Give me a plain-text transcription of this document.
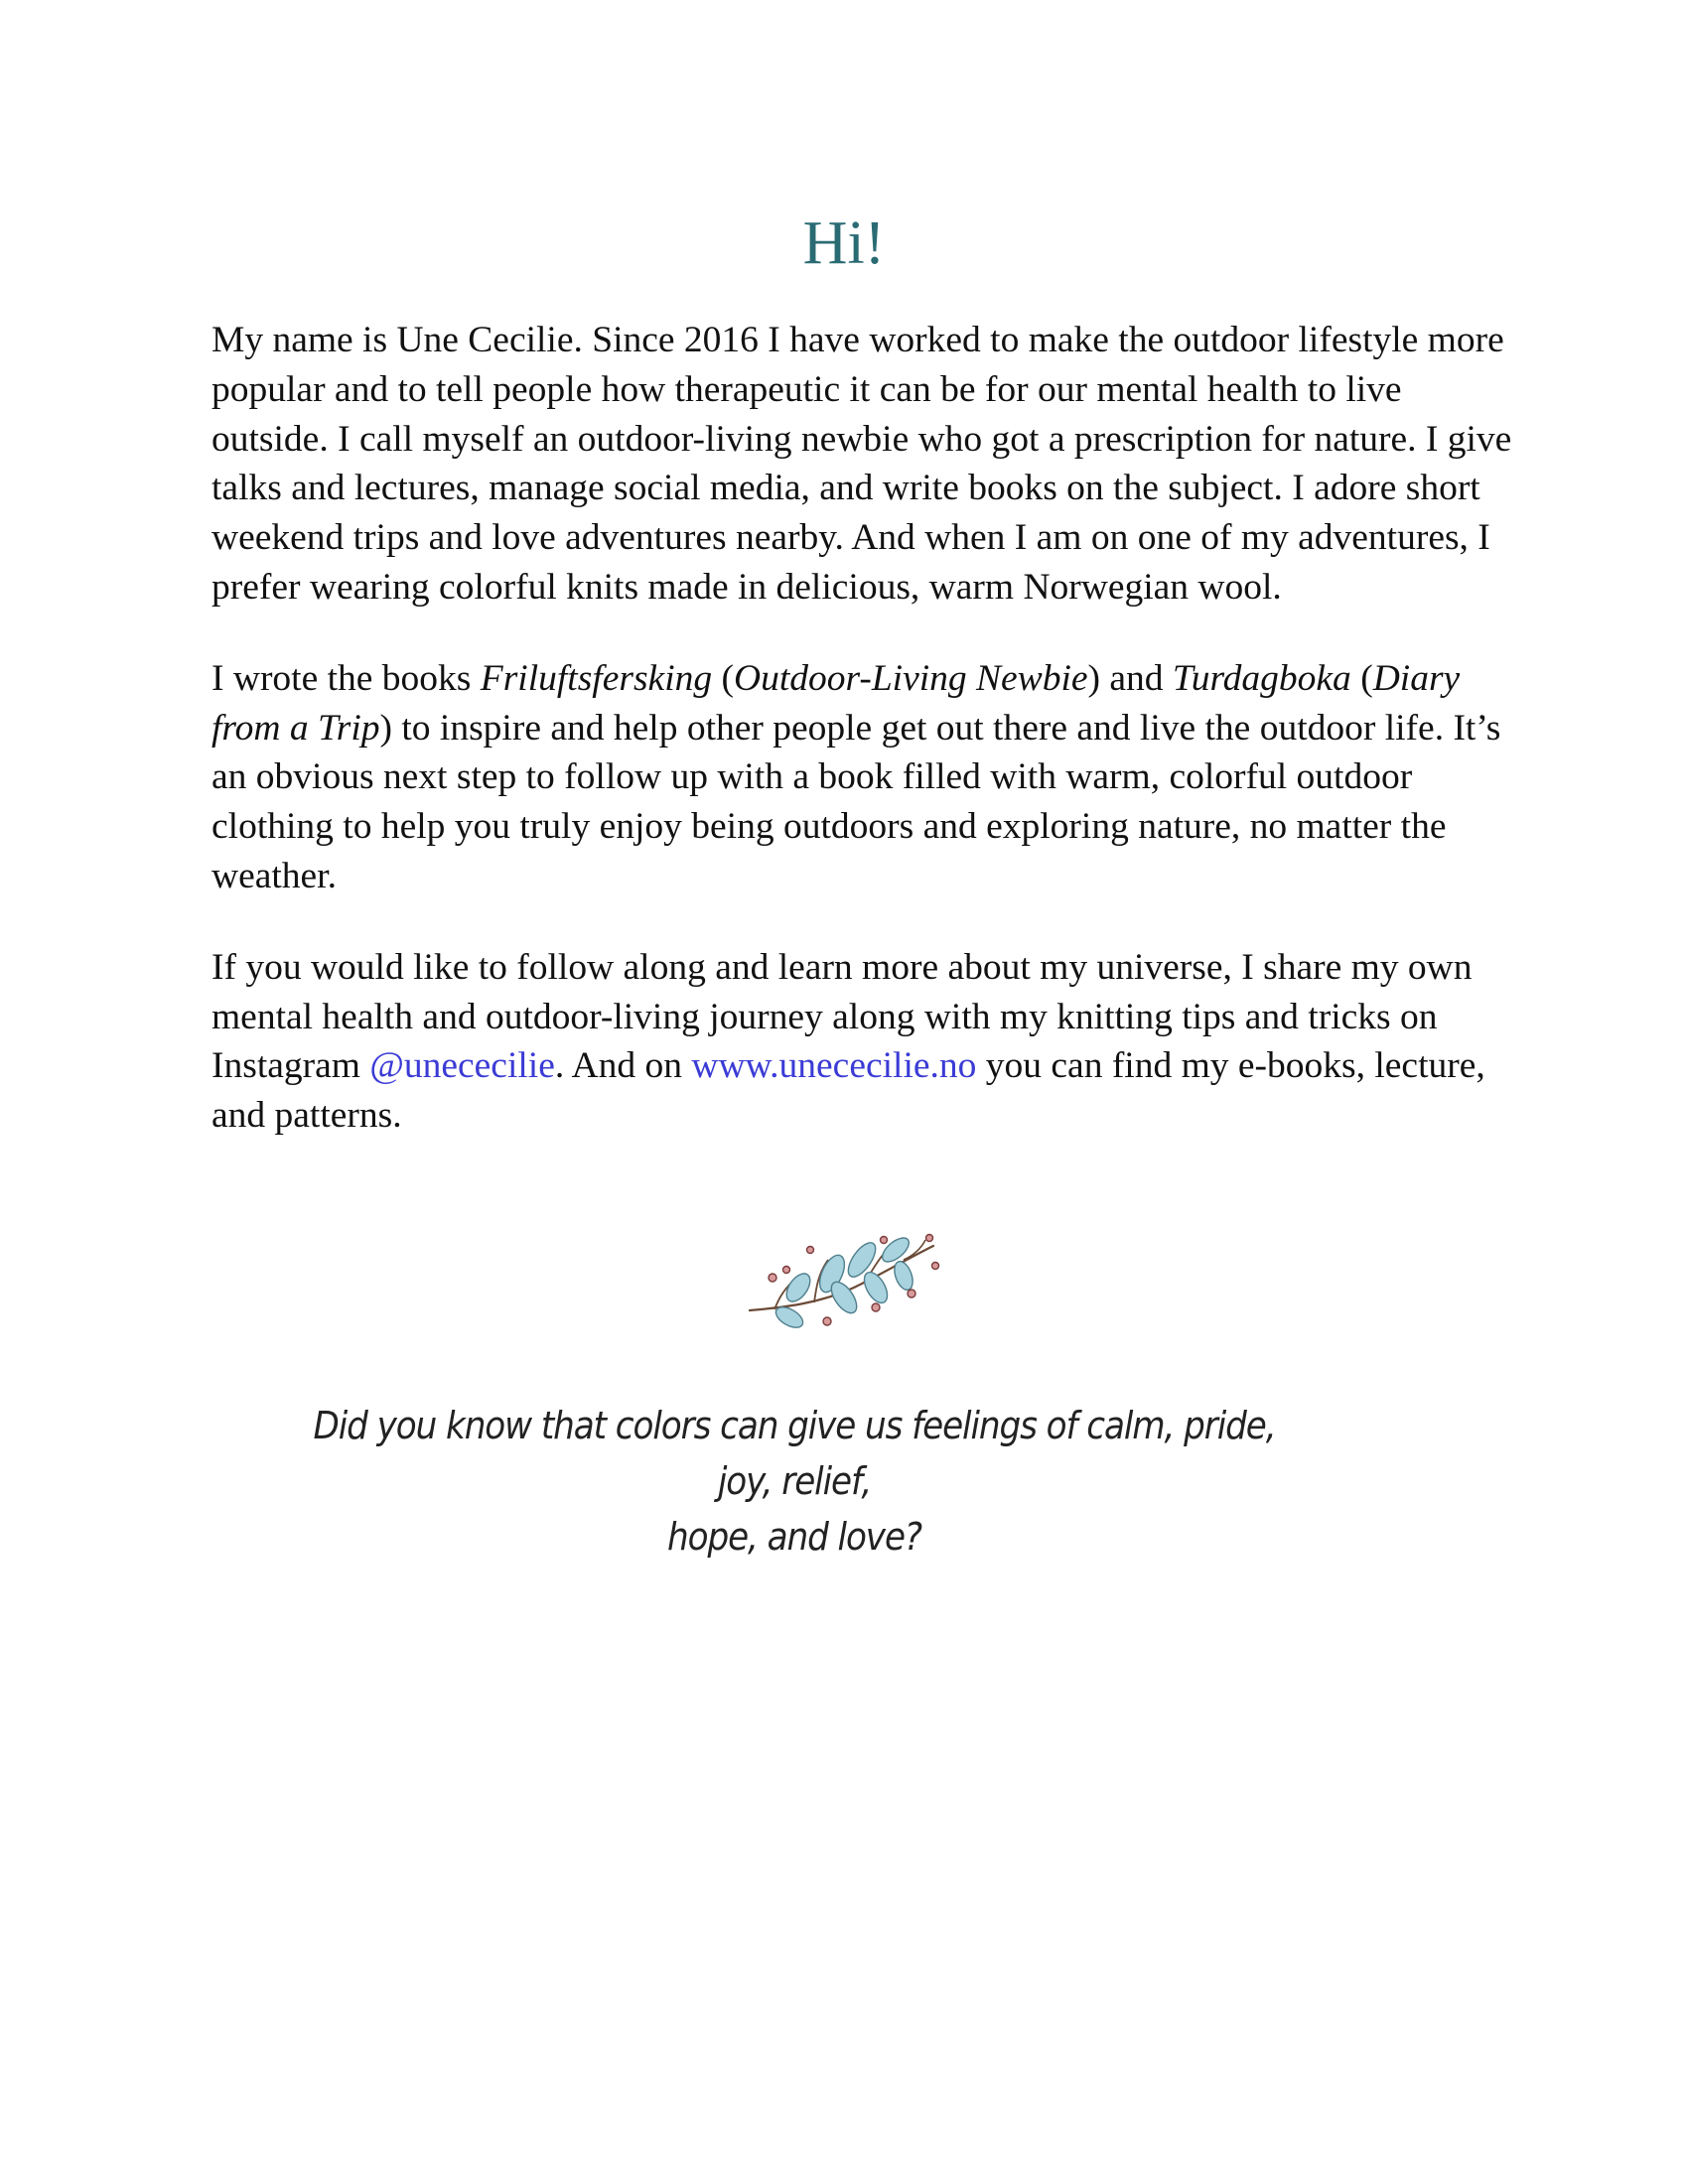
Hi!

My name is Une Cecilie. Since 2016 I have worked to make the outdoor lifestyle more popular and to tell people how therapeutic it can be for our mental health to live outside. I call myself an outdoor-living newbie who got a prescription for nature. I give talks and lectures, manage social media, and write books on the subject. I adore short weekend trips and love adventures nearby. And when I am on one of my adventures, I prefer wearing colorful knits made in delicious, warm Norwegian wool.

I wrote the books Friluftsfersking (Outdoor-Living Newbie) and Turdagboka (Diary from a Trip) to inspire and help other people get out there and live the outdoor life. It’s an obvious next step to follow up with a book filled with warm, colorful outdoor clothing to help you truly enjoy being outdoors and exploring nature, no matter the weather.

If you would like to follow along and learn more about my universe, I share my own mental health and outdoor-living journey along with my knitting tips and tricks on Instagram @unececilie. And on www.unececilie.no you can find my e-books, lecture, and patterns.

Did you know that colors can give us feelings of calm, pride, joy, relief,
hope, and love?
